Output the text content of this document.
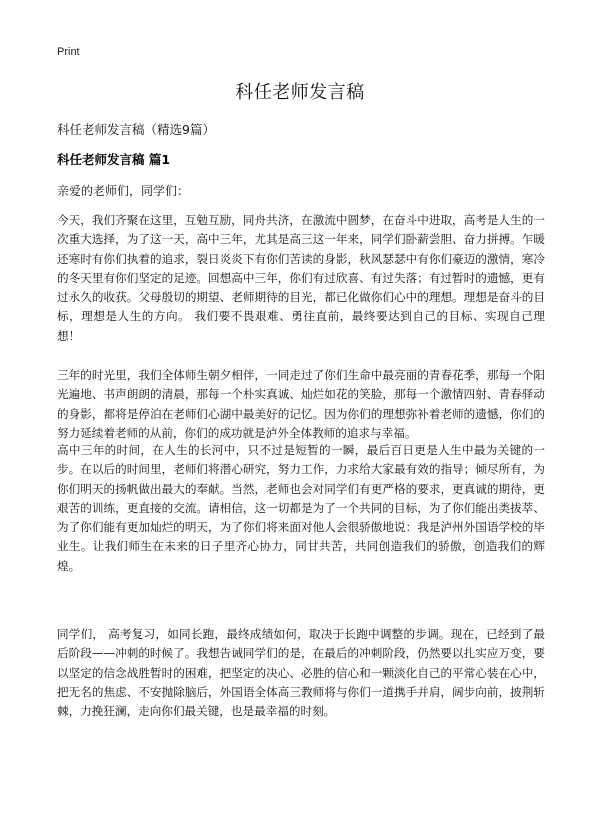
Print
科任老师发言稿
科任老师发言稿（精选9篇）
科任老师发言稿 篇1
亲爱的老师们，同学们：

今天，我们齐聚在这里，互勉互励，同舟共济，在激流中圆梦，在奋斗中进取，高考是人生的一次重大选择，为了这一天，高中三年，尤其是高三这一年来，同学们卧薪尝胆、奋力拼搏。乍暖还寒时有你们执着的追求，裂日炎炎下有你们苦读的身影，秋风瑟瑟中有你们豪迈的激情，寒冷的冬天里有你们坚定的足迹。回想高中三年，你们有过欣喜、有过失落；有过暂时的遗憾，更有过永久的收获。父母殷切的期望、老师期待的目光，都已化做你们心中的理想。理想是奋斗的目标，理想是人生的方向。 我们要不畏艰难、勇往直前，最终要达到自己的目标、实现自己理想！

三年的时光里，我们全体师生朝夕相伴，一同走过了你们生命中最亮丽的青春花季，那每一个阳光遍地、书声朗朗的清晨，那每一个朴实真诚、灿烂如花的笑脸，那每一个激情四射、青春驿动的身影，都将是停泊在老师们心湖中最美好的记忆。因为你们的理想弥补着老师的遗憾，你们的努力延续着老师的从前，你们的成功就是泸外全体教师的追求与幸福。

高中三年的时间，在人生的长河中，只不过是短暂的一瞬，最后百日更是人生中最为关键的一步。在以后的时间里，老师们将潜心研究，努力工作，力求给大家最有效的指导；倾尽所有，为你们明天的扬帆做出最大的奉献。当然，老师也会对同学们有更严格的要求，更真诚的期待，更艰苦的训练，更直接的交流。请相信，这一切都是为了一个共同的目标，为了你们能出类拔萃、为了你们能有更加灿烂的明天，为了你们将来面对他人会很骄傲地说：我是泸州外国语学校的毕业生。让我们师生在未来的日子里齐心协力，同甘共苦，共同创造我们的骄傲，创造我们的辉煌。

同学们， 高考复习，如同长跑，最终成绩如何，取决于长跑中调整的步调。现在，已经到了最后阶段——冲刺的时候了。我想告诫同学们的是，在最后的冲刺阶段，仍然要以扎实应万变，要以坚定的信念战胜暂时的困难，把坚定的决心、必胜的信心和一颗淡化自己的平常心装在心中，把无名的焦虑、不安抛除脑后，外国语全体高三教师将与你们一道携手并肩，阔步向前，披荆斩棘，力挽狂澜，走向你们最关键，也是最幸福的时刻。
